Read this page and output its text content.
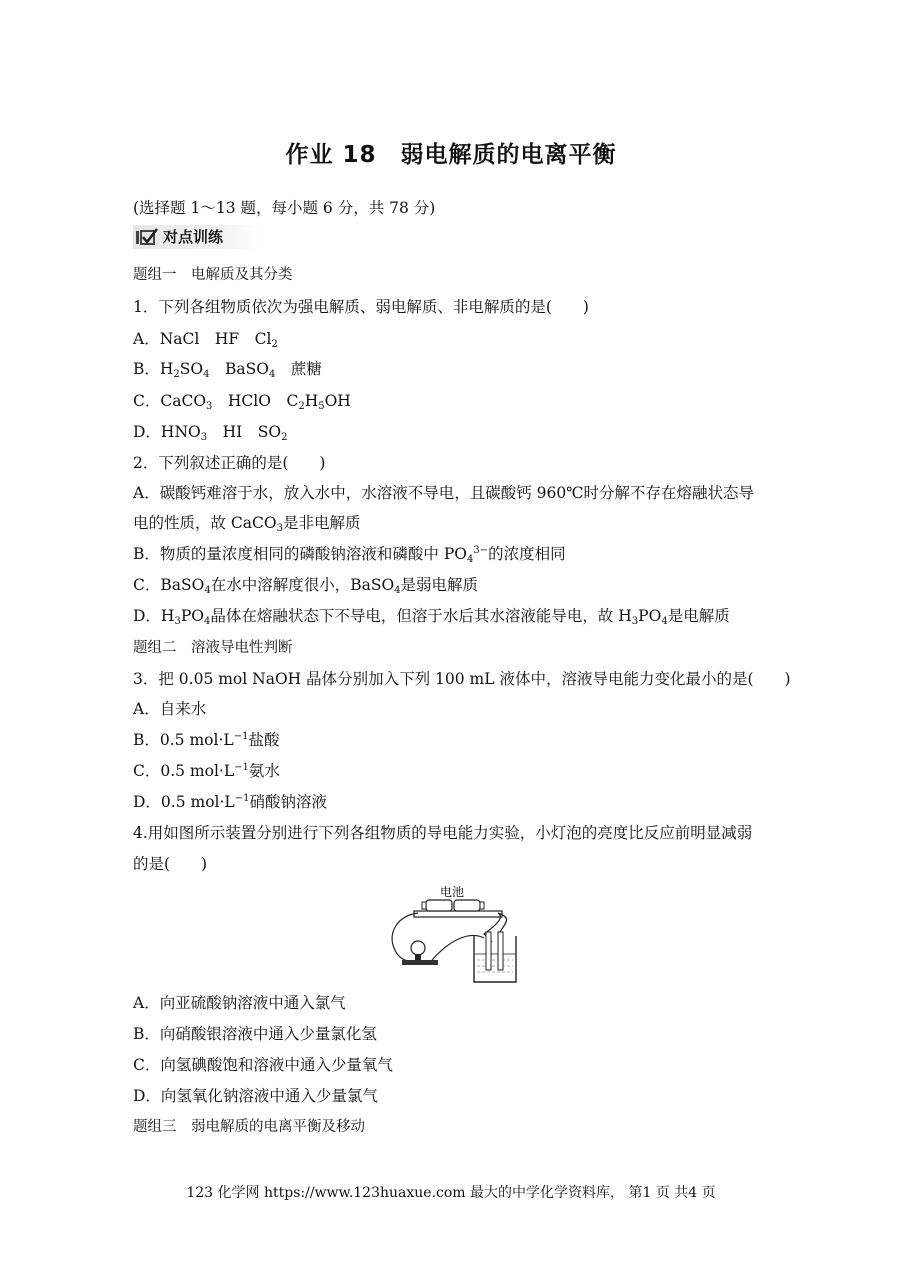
作业 18　弱电解质的电离平衡
(选择题 1～13 题，每小题 6 分，共 78 分)
对点训练
题组一　电解质及其分类
1．下列各组物质依次为强电解质、弱电解质、非电解质的是(　　)
A．NaCl　HF　$Cl_2$
B．$H_2SO_4$　BaSO$_4$　蔗糖
C．CaCO$_3$　HClO　$C_2H_5OH$
D．$HNO_3$　HI　$SO_2$
2．下列叙述正确的是(　　)
A．碳酸钙难溶于水，放入水中，水溶液不导电，且碳酸钙 960℃时分解不存在熔融状态导
电的性质，故 CaCO$_3$是非电解质
B．物质的量浓度相同的磷酸钠溶液和磷酸中 $PO_4^{3-}$的浓度相同
C．BaSO$_4$在水中溶解度很小，BaSO$_4$是弱电解质
D．$H_3PO_4$晶体在熔融状态下不导电，但溶于水后其水溶液能导电，故 $H_3PO_4$是电解质
题组二　溶液导电性判断
3．把 0.05 mol NaOH 晶体分别加入下列 100 mL 液体中，溶液导电能力变化最小的是(　　)
A．自来水
B．0.5 $mol\cdot L^{-1}$盐酸
C．0.5 $mol\cdot L^{-1}$氨水
D．0.5 $mol\cdot L^{-1}$硝酸钠溶液
4.用如图所示装置分别进行下列各组物质的导电能力实验，小灯泡的亮度比反应前明显减弱
的是(　　)
电池
A．向亚硫酸钠溶液中通入氯气
B．向硝酸银溶液中通入少量氯化氢
C．向氢碘酸饱和溶液中通入少量氧气
D．向氢氧化钠溶液中通入少量氯气
题组三　弱电解质的电离平衡及移动
123 化学网 https://www.123huaxue.com 最大的中学化学资料库， 第1 页 共4 页
